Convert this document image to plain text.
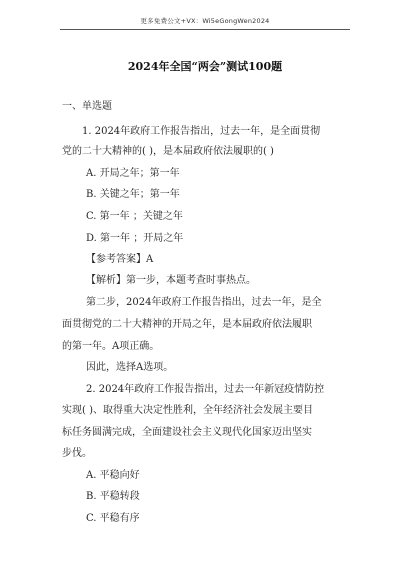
更多免费公文+VX：Wi5eGongWen2024
2024年全国“两会”测试100题
一、单选题
1. 2024年政府工作报告指出，过去一年，是全面贯彻
党的二十大精神的( )，是本届政府依法履职的( )
A. 开局之年；第一年
B. 关键之年；第一年
C. 第一年 ；关键之年
D. 第一年 ；开局之年
【参考答案】A
【解析】第一步，本题考查时事热点。
第二步，2024年政府工作报告指出，过去一年，是全
面贯彻党的二十大精神的开局之年，是本届政府依法履职
的第一年。A项正确。
因此，选择A选项。
2. 2024年政府工作报告指出，过去一年新冠疫情防控
实现( )、取得重大决定性胜利，全年经济社会发展主要目
标任务圆满完成，全面建设社会主义现代化国家迈出坚实
步伐。
A. 平稳向好
B. 平稳转段
C. 平稳有序
